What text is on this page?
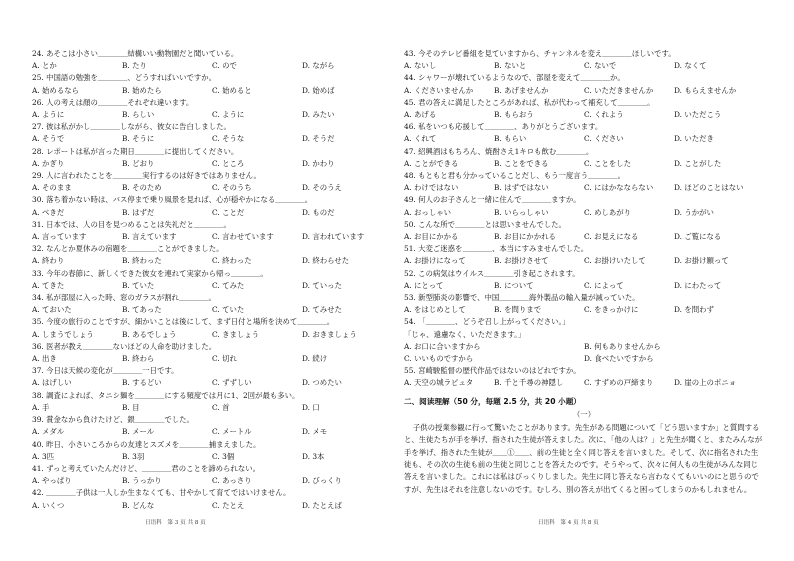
24. あそこは小さい＿＿＿＿結構いい動物園だと聞いている。
A. とか	B. たり	C. ので	D. ながら
25. 中国語の勉強を＿＿＿＿、どうすればいいですか。
A. 始めるなら	B. 始めたら	C. 始めると	D. 始めば
26. 人の考えは顔の＿＿＿＿それぞれ違います。
A. ように	B. らしい	C. ように	D. みたい
27. 彼は私がかし＿＿＿＿しながら、彼女に告白しました。
A. そうで	B. そうに	C. そうな	D. そうだ
28. レポートは私が言った期日＿＿＿＿に提出してください。
A. かぎり	B. どおり	C. ところ	D. かわり
29. 人に言われたことを＿＿＿＿実行するのは好きではありません。
A. そのまま	B. そのため	C. そのうち	D. そのうえ
30. 落ち着かない時は、バス停まで乗り風景を見れば、心が穏やかになる＿＿＿＿。
A. べきだ	B. はずだ	C. ことだ	D. ものだ
31. 日本では、人の目を見つめることは失礼だと＿＿＿＿。
A. 言っています	B. 言えています	C. 言わせています	D. 言われています
32. なんとか夏休みの宿題を＿＿＿＿ことができました。
A. 終わり	B. 終わった	C. 終わった	D. 終わらせた
33. 今年の春節に、新しくできた彼女を連れて実家から帰っ＿＿＿＿。
A. てきた	B. ていた	C. てみた	D. ていった
34. 私が部屋に入った時、窓のガラスが割れ＿＿＿＿。
A. ておいた	B. てあった	C. ていた	D. てみせた
35. 今度の旅行のことですが、細かいことは後にして、まず日付と場所を決めて＿＿＿＿。
A. しまうでしょう	B. あるでしょう	C. きましょう	D. おきましょう
36. 医者が教え＿＿＿＿ないほどの人命を助けました。
A. 出き	B. 終わら	C. 切れ	D. 続け
37. 今日は天候の変化が＿＿＿＿一日です。
A. はげしい	B. するどい	C. ずずしい	D. つめたい
38. 調査によれば、タニシ麺を＿＿＿＿にする頻度では月に1、2回が最も多い。
A. 手	B. 目	C. 首	D. 口
39. 賞金なから負けたけど、銀＿＿＿＿でした。
A. メダル	B. メール	C. メートル	D. メモ
40. 昨日、小さいころからの友達とスズメを＿＿＿＿捕まえました。
A. 3匹	B. 3羽	C. 3個	D. 3本
41. ずっと考えていたんだけど、＿＿＿＿君のことを諦められない。
A. やっぱり	B. うっかり	C. あっさり	D. びっくり
42. ＿＿＿＿子供は一人しか生まなくても、甘やかして育てではいけません。
A. いくつ	B. どんな	C. たとえ	D. たとえば
43. 今そのテレビ番組を見ていますから、チャンネルを変え＿＿＿＿ほしいです。
A. ないし	B. ないと	C. ないで	D. なくて
44. シャワーが壊れているようなので、部屋を変えて＿＿＿＿か。
A. くださいませんか	B. あげませんか	C. いただきませんか	D. もらえませんか
45. 君の答えに満足したところがあれば、私が代わって補充して＿＿＿＿。
A. あげる	B. もらおう	C. くれよう	D. いただこう
46. 私をいつも応援して＿＿＿＿、ありがとうございます。
A. くれて	B. もらい	C. ください	D. いただき
47. 紹興酒はもちろん、焼酎さえ1キロも飲む＿＿＿＿。
A. ことができる	B. ことをできる	C. ことをした	D. ことがした
48. もともと君も分かっていることだし、もう一度言う＿＿＿＿。
A. わけではない	B. はずではない	C. にはかなならない	D. ほどのことはない
49. 何人のお子さんと一緒に住んで＿＿＿＿ますか。
A. おっしゃい	B. いらっしゃい	C. めしあがり	D. うかがい
50. こんな所で＿＿＿＿とは思いませんでした。
A. お目にかかる	B. お目にかかれる	C. お見えになる	D. ご覧になる
51. 大変ご迷惑を＿＿＿＿、本当にすみませんでした。
A. お掛けになって	B. お掛けさせて	C. お掛けいたして	D. お掛け願って
52. この病気はウイルス＿＿＿＿引き起こされます。
A. にとって	B. について	C. によって	D. にわたって
53. 新型肺炎の影響で、中国＿＿＿＿海外製品の輸入量が減っていた。
A. をはじめとして	B. を問りまで	C. をきっかけに	D. を問わず
54. 「＿＿＿＿、どうぞ召し上がってください。」
「じゃ、遠慮なく、いただきます。」
A. お口に合いますから	B. 何もありませんから
C. いいものですから	D. 食べたいですから
55. 宮崎駿監督の歴代作品ではないのはどれですか。
A. 天空の城ラピュタ	B. 千と千尋の神隠し	C. すずめの戸締まり	D. 崖の上のポニョ
二、阅读理解（50 分，每题 2.5 分，共 20 小题）
（一）
子供の授業参観に行って驚いたことがあります。先生がある問題について「どう思いますか」と質問すると、生徒たちが手を挙げ、指された生徒が答えました。次に、「他の人は？」と先生が聞くと、またみんなが手を挙げ、指された生徒が＿＿①＿＿、前の生徒と全く同じ答えを言いました。そして、次に指名された生徒も、その次の生徒も前の生徒と同じことを答えたのです。そうやって、次々に何人もの生徒がみんな同じ答えを言いました。これには私はびっくりしました。先生に同じ答えなら言わなくてもいいのにと思うのですが、先生はそれを注意しないのです。むしろ、別の答えが出てくると困ってしまうのかもしれません。
日语科　第 3 页 共 8 页	日语科　第 4 页 共 8 页
